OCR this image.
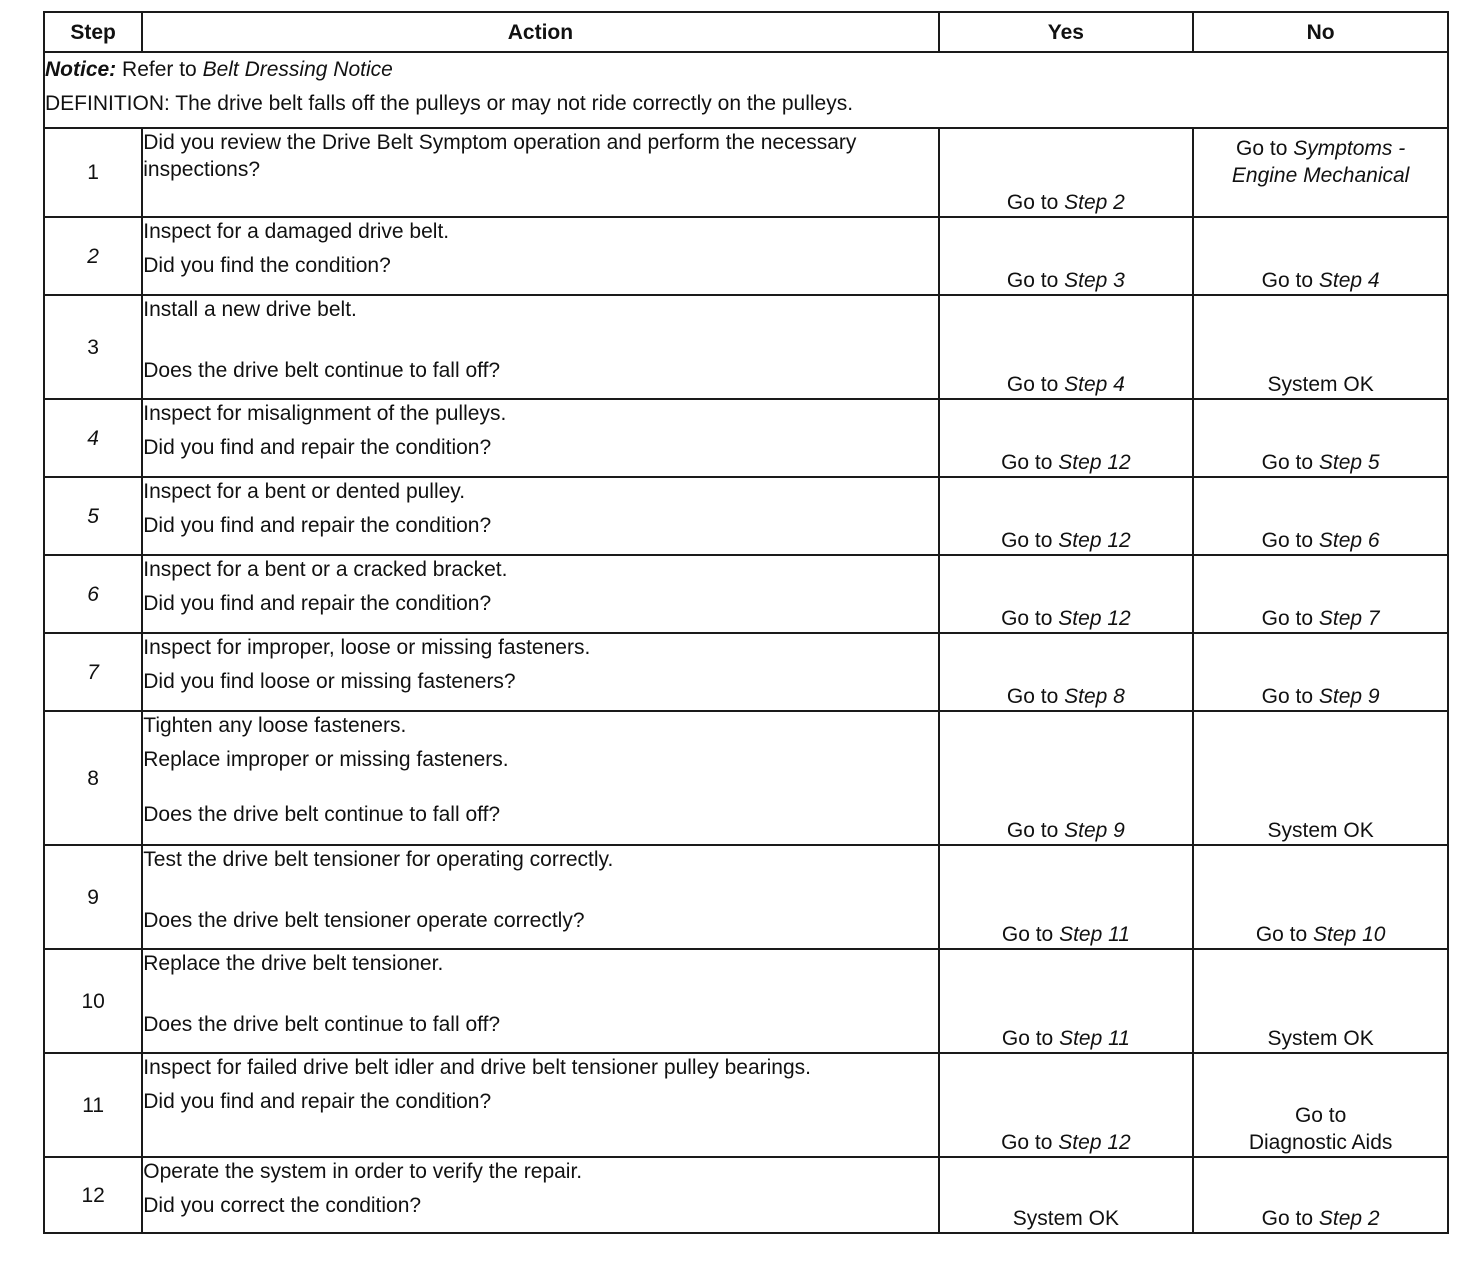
Step	Action	Yes	No

Notice: Refer to Belt Dressing Notice
DEFINITION: The drive belt falls off the pulleys or may not ride correctly on the pulleys.			

1	Did you review the Drive Belt Symptom operation and perform the necessary inspections?	Go to Step 2	Go to Symptoms -
Engine Mechanical

2	Inspect for a damaged drive belt.
Did you find the condition?	Go to Step 3	Go to Step 4
3	Install a new drive belt.
Does the drive belt continue to fall off?	Go to Step 4	System OK
4	Inspect for misalignment of the pulleys.
Did you find and repair the condition?	Go to Step 12	Go to Step 5
5	Inspect for a bent or dented pulley.
Did you find and repair the condition?	Go to Step 12	Go to Step 6
6	Inspect for a bent or a cracked bracket.
Did you find and repair the condition?	Go to Step 12	Go to Step 7
7	Inspect for improper, loose or missing fasteners.
Did you find loose or missing fasteners?	Go to Step 8	Go to Step 9
8	Tighten any loose fasteners.
Replace improper or missing fasteners.
Does the drive belt continue to fall off?	Go to Step 9	System OK
9	Test the drive belt tensioner for operating correctly.
Does the drive belt tensioner operate correctly?	Go to Step 11	Go to Step 10
10	Replace the drive belt tensioner.
Does the drive belt continue to fall off?	Go to Step 11	System OK
11	Inspect for failed drive belt idler and drive belt tensioner pulley bearings.
Did you find and repair the condition?	Go to Step 12	Go to
Diagnostic Aids

12	Operate the system in order to verify the repair.
Did you correct the condition?	System OK	Go to Step 2
